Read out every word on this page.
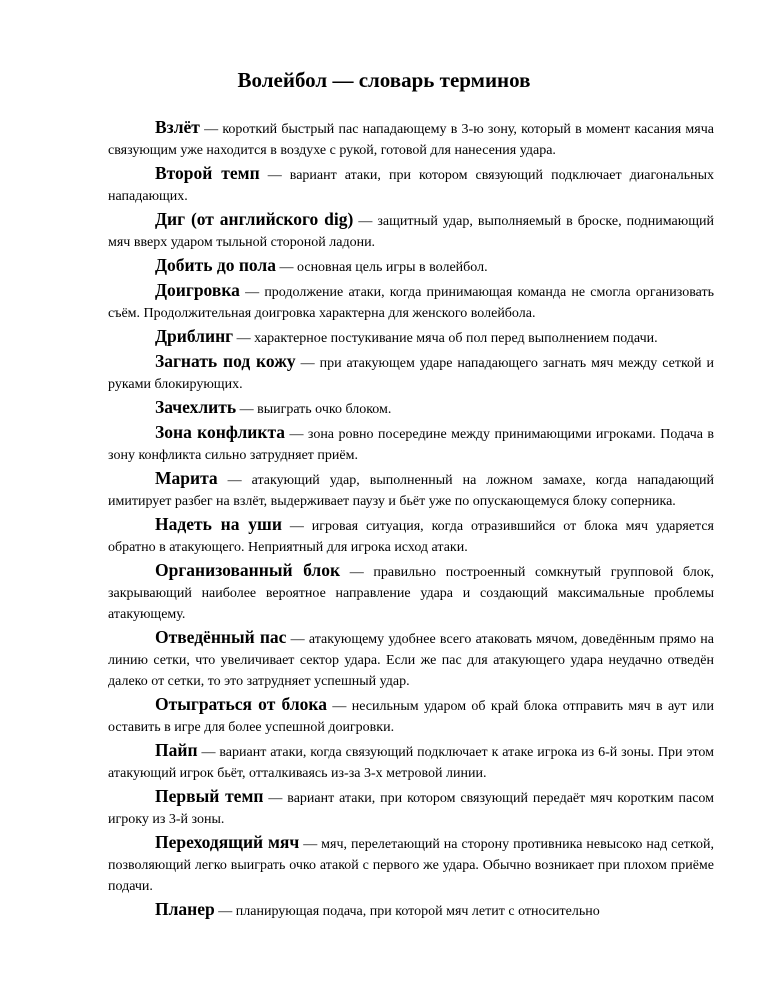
Волейбол — словарь терминов

Взлёт — короткий быстрый пас нападающему в 3-ю зону, который в момент касания мяча связующим уже находится в воздухе с рукой, готовой для нанесения удара.

Второй темп — вариант атаки, при котором связующий подключает диагональных нападающих.

Диг (от английского dig) — защитный удар, выполняемый в броске, поднимающий мяч вверх ударом тыльной стороной ладони.

Добить до пола — основная цель игры в волейбол.

Доигровка — продолжение атаки, когда принимающая команда не смогла организовать съём. Продолжительная доигровка характерна для женского волейбола.

Дриблинг — характерное постукивание мяча об пол перед выполнением подачи.

Загнать под кожу — при атакующем ударе нападающего загнать мяч между сеткой и руками блокирующих.

Зачехлить — выиграть очко блоком.

Зона конфликта — зона ровно посередине между принимающими игроками. Подача в зону конфликта сильно затрудняет приём.

Марита — атакующий удар, выполненный на ложном замахе, когда нападающий имитирует разбег на взлёт, выдерживает паузу и бьёт уже по опускающемуся блоку соперника.

Надеть на уши — игровая ситуация, когда отразившийся от блока мяч ударяется обратно в атакующего. Неприятный для игрока исход атаки.

Организованный блок — правильно построенный сомкнутый групповой блок, закрывающий наиболее вероятное направление удара и создающий максимальные проблемы атакующему.

Отведённый пас — атакующему удобнее всего атаковать мячом, доведённым прямо на линию сетки, что увеличивает сектор удара. Если же пас для атакующего удара неудачно отведён далеко от сетки, то это затрудняет успешный удар.

Отыграться от блока — несильным ударом об край блока отправить мяч в аут или оставить в игре для более успешной доигровки.

Пайп — вариант атаки, когда связующий подключает к атаке игрока из 6-й зоны. При этом атакующий игрок бьёт, отталкиваясь из-за 3-х метровой линии.

Первый темп — вариант атаки, при котором связующий передаёт мяч коротким пасом игроку из 3-й зоны.

Переходящий мяч — мяч, перелетающий на сторону противника невысоко над сеткой, позволяющий легко выиграть очко атакой с первого же удара. Обычно возникает при плохом приёме подачи.

Планер — планирующая подача, при которой мяч летит с относительно
